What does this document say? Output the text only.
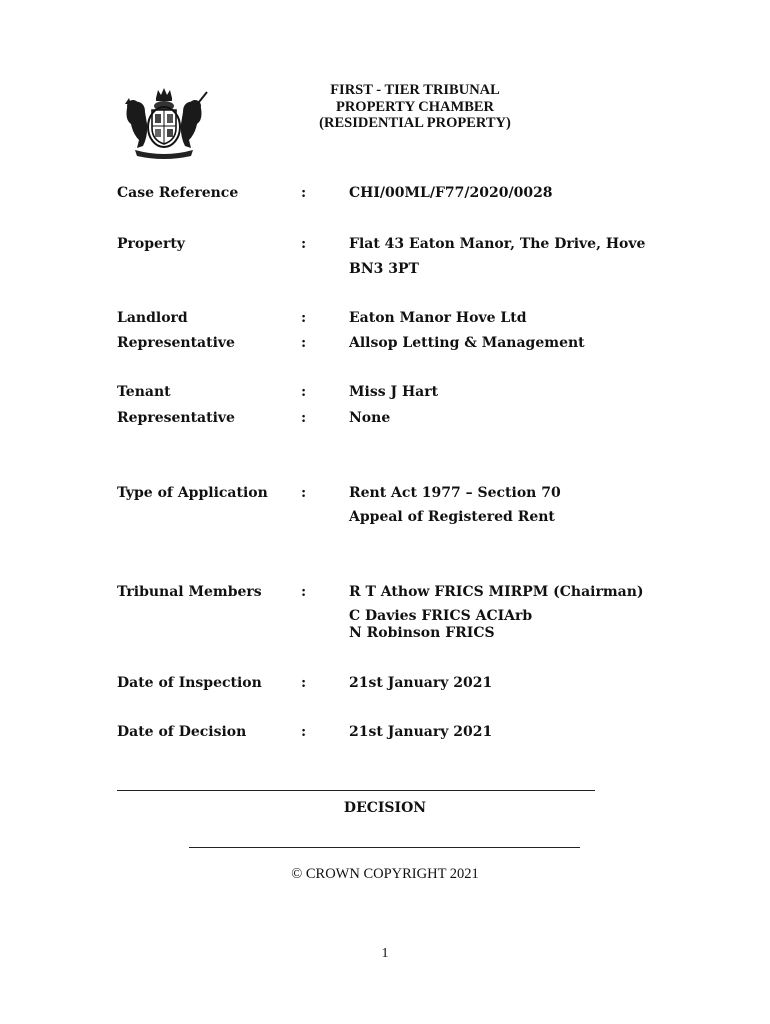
FIRST - TIER TRIBUNAL
PROPERTY CHAMBER
(RESIDENTIAL PROPERTY)
Case Reference	:	CHI/00ML/F77/2020/0028
Property	:	Flat 43 Eaton Manor, The Drive, Hove
BN3 3PT
Landlord	:	Eaton Manor Hove Ltd
Representative	:	Allsop Letting & Management
Tenant	:	Miss J Hart
Representative	:	None
Type of Application :	Rent Act 1977 – Section 70
Appeal of Registered Rent
Tribunal Members	:	R T Athow FRICS MIRPM (Chairman)
C Davies FRICS ACIArb
N Robinson FRICS
Date of Inspection	:	21st January 2021
Date of Decision	:	21st January 2021
DECISION
© CROWN COPYRIGHT 2021
1
